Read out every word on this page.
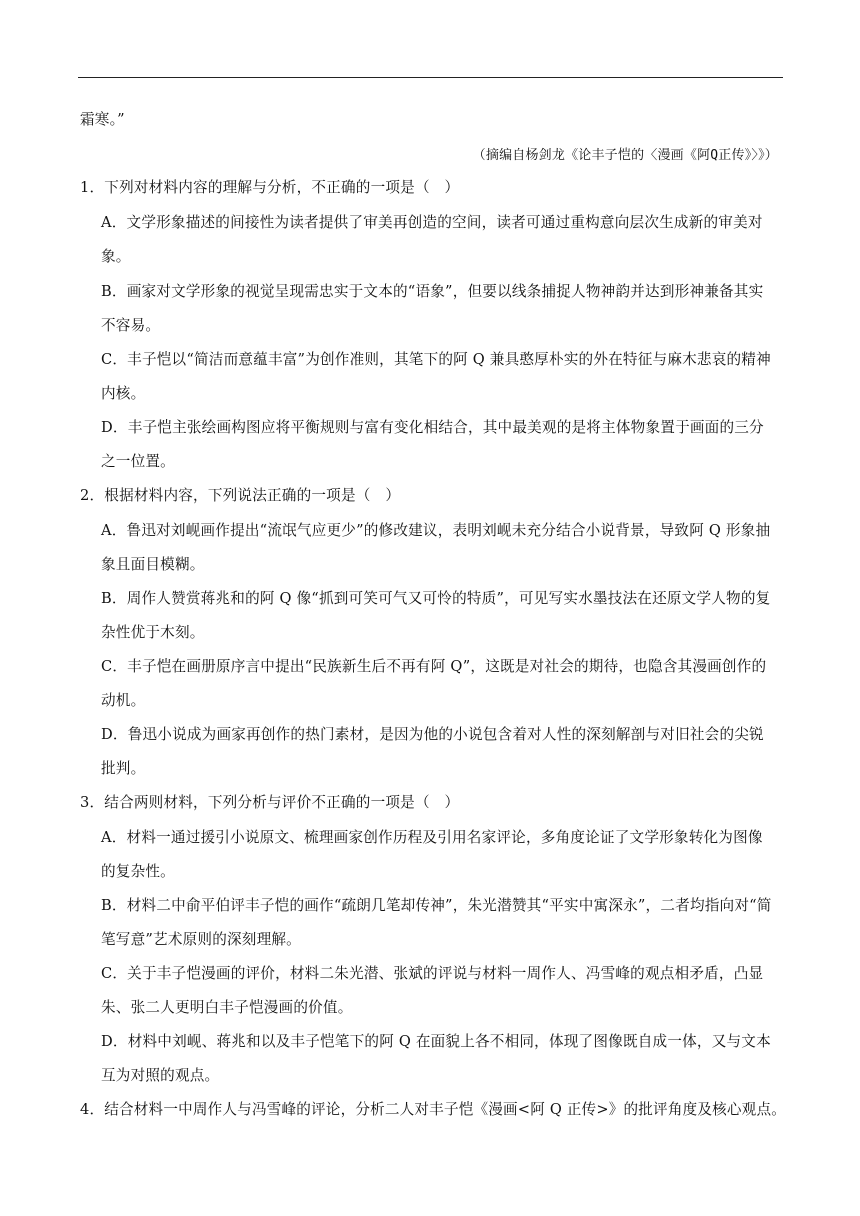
霜寒。”
（摘编自杨剑龙《论丰子恺的〈漫画《阿Q正传》〉》）
1．下列对材料内容的理解与分析，不正确的一项是（　）
A．文学形象描述的间接性为读者提供了审美再创造的空间，读者可通过重构意向层次生成新的审美对
象。
B．画家对文学形象的视觉呈现需忠实于文本的“语象”，但要以线条捕捉人物神韵并达到形神兼备其实
不容易。
C．丰子恺以“简洁而意蕴丰富”为创作准则，其笔下的阿 Q 兼具憨厚朴实的外在特征与麻木悲哀的精神
内核。
D．丰子恺主张绘画构图应将平衡规则与富有变化相结合，其中最美观的是将主体物象置于画面的三分
之一位置。
2．根据材料内容，下列说法正确的一项是（　）
A．鲁迅对刘岘画作提出“流氓气应更少”的修改建议，表明刘岘未充分结合小说背景，导致阿 Q 形象抽
象且面目模糊。
B．周作人赞赏蒋兆和的阿 Q 像“抓到可笑可气又可怜的特质”，可见写实水墨技法在还原文学人物的复
杂性优于木刻。
C．丰子恺在画册原序言中提出“民族新生后不再有阿 Q”，这既是对社会的期待，也隐含其漫画创作的
动机。
D．鲁迅小说成为画家再创作的热门素材，是因为他的小说包含着对人性的深刻解剖与对旧社会的尖锐
批判。
3．结合两则材料，下列分析与评价不正确的一项是（　）
A．材料一通过援引小说原文、梳理画家创作历程及引用名家评论，多角度论证了文学形象转化为图像
的复杂性。
B．材料二中俞平伯评丰子恺的画作“疏朗几笔却传神”，朱光潜赞其“平实中寓深永”，二者均指向对“简
笔写意”艺术原则的深刻理解。
C．关于丰子恺漫画的评价，材料二朱光潜、张斌的评说与材料一周作人、冯雪峰的观点相矛盾，凸显
朱、张二人更明白丰子恺漫画的价值。
D．材料中刘岘、蒋兆和以及丰子恺笔下的阿 Q 在面貌上各不相同，体现了图像既自成一体，又与文本
互为对照的观点。
4．结合材料一中周作人与冯雪峰的评论，分析二人对丰子恺《漫画<阿 Q 正传>》的批评角度及核心观点。
